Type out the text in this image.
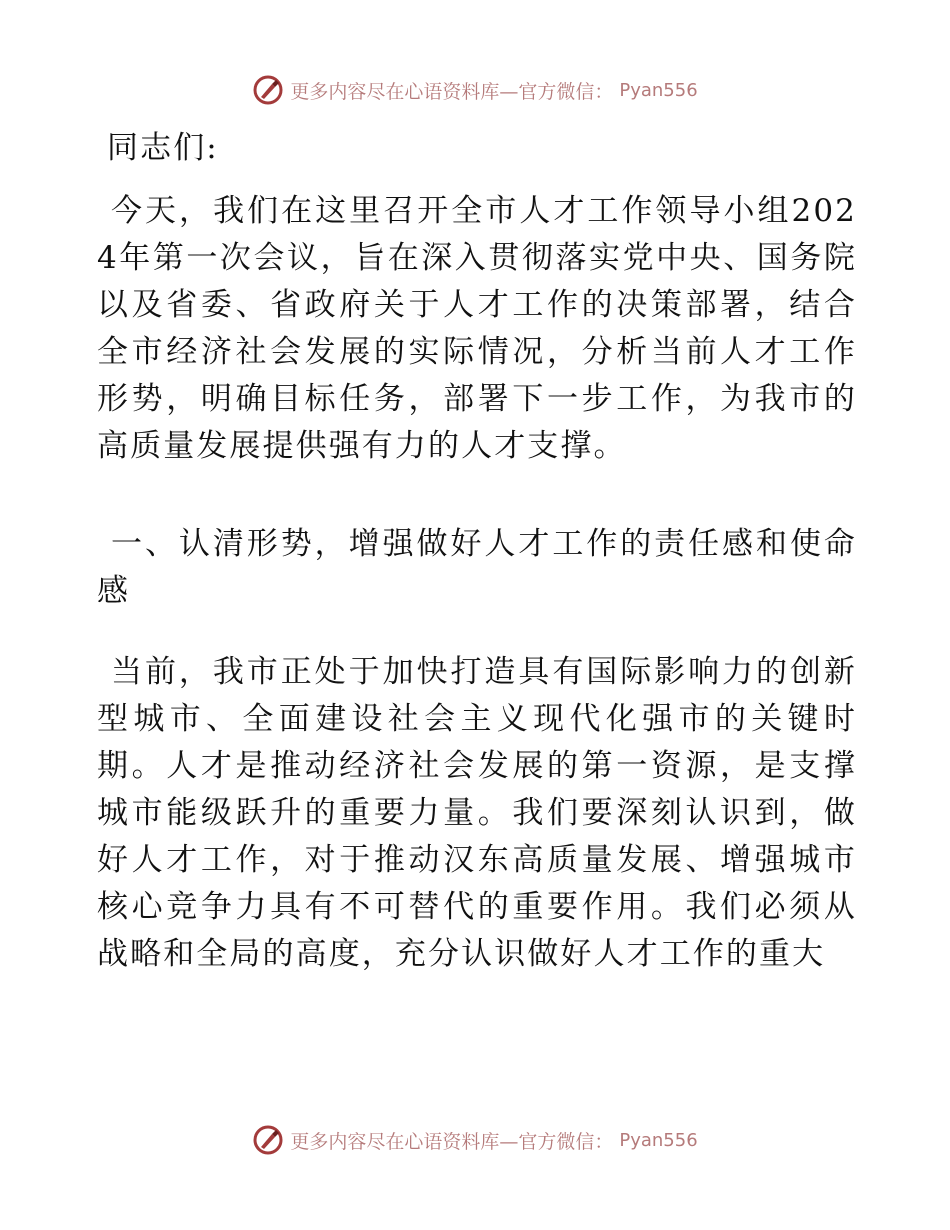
更多内容尽在心语资料库—官方微信： Pyan556

同志们:

今天，我们在这里召开全市人才工作领导小组2024年第一次会议，旨在深入贯彻落实党中央、国务院以及省委、省政府关于人才工作的决策部署，结合全市经济社会发展的实际情况，分析当前人才工作形势，明确目标任务，部署下一步工作，为我市的高质量发展提供强有力的人才支撑。

一、认清形势，增强做好人才工作的责任感和使命感

当前，我市正处于加快打造具有国际影响力的创新型城市、全面建设社会主义现代化强市的关键时期。人才是推动经济社会发展的第一资源，是支撑城市能级跃升的重要力量。我们要深刻认识到，做好人才工作，对于推动汉东高质量发展、增强城市核心竞争力具有不可替代的重要作用。我们必须从战略和全局的高度，充分认识做好人才工作的重大

更多内容尽在心语资料库—官方微信： Pyan556
